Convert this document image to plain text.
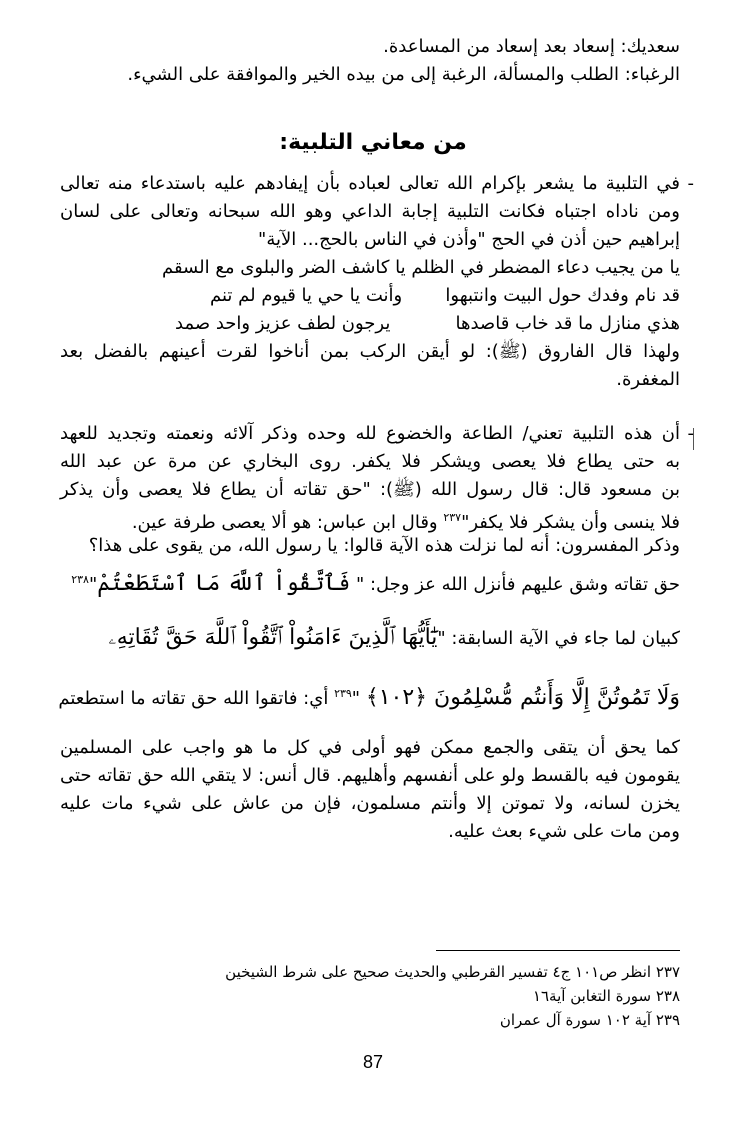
سعديك: إسعاد بعد إسعاد من المساعدة.
الرغباء: الطلب والمسألة، الرغبة إلى من بيده الخير والموافقة على الشيء.
من معاني التلبية:
-
في التلبية ما يشعر بإكرام الله تعالى لعباده بأن إيفادهم عليه باستدعاء منه تعالى
ومن ناداه اجتباه فكانت التلبية إجابة الداعي وهو الله سبحانه وتعالى على لسان
إبراهيم حين أذن في الحج "وأذن في الناس بالحج... الآية"
يا من يجيب دعاء المضطر في الظلم يا كاشف الضر والبلوى مع السقم
قد نام وفدك حول البيت وانتبهوا
وأنت يا حي يا قيوم لم تنم
هذي منازل ما قد خاب قاصدها
يرجون لطف عزيز واحد صمد
ولهذا قال الفاروق (ﷺ): لو أيقن الركب بمن أناخوا لقرت أعينهم بالفضل بعد
المغفرة.
-
أن هذه التلبية تعني/ الطاعة والخضوع لله وحده وذكر آلائه ونعمته وتجديد للعهد
به حتى يطاع فلا يعصى ويشكر فلا يكفر. روى البخاري عن مرة عن عبد الله
بن مسعود قال: قال رسول الله (ﷺ): "حق تقاته أن يطاع فلا يعصى وأن يذكر
فلا ينسى وأن يشكر فلا يكفر"$^{٢٣٧}$ وقال ابن عباس: هو ألا يعصى طرفة عين.
وذكر المفسرون: أنه لما نزلت هذه الآية قالوا: يا رسول الله، من يقوى على هذا؟
حق تقاته وشق عليهم فأنزل الله عز وجل: " فَٱتَّقُواْ ٱللَّهَ مَا ٱسْتَطَعْتُمْ"$^{٢٣٨}$
كبيان لما جاء في الآية السابقة: "يَٰٓأَيُّهَا ٱلَّذِينَ ءَامَنُواْ ٱتَّقُواْ ٱللَّهَ حَقَّ تُقَاتِهِۦ
وَلَا تَمُوتُنَّ إِلَّا وَأَنتُم مُّسْلِمُونَ ﴿١٠٢﴾ "$^{٢٣٩}$ أي: فاتقوا الله حق تقاته ما استطعتم
كما يحق أن يتقى والجمع ممكن فهو أولى في كل ما هو واجب على المسلمين
يقومون فيه بالقسط ولو على أنفسهم وأهليهم. قال أنس: لا يتقي الله حق تقاته حتى
يخزن لسانه، ولا تموتن إلا وأنتم مسلمون، فإن من عاش على شيء مات عليه
ومن مات على شيء بعث عليه.
٢٣٧ انظر ص١٠١ ج٤ تفسير القرطبي والحديث صحيح على شرط الشيخين
٢٣٨ سورة التغابن آية١٦
٢٣٩ آية ١٠٢ سورة آل عمران
87
